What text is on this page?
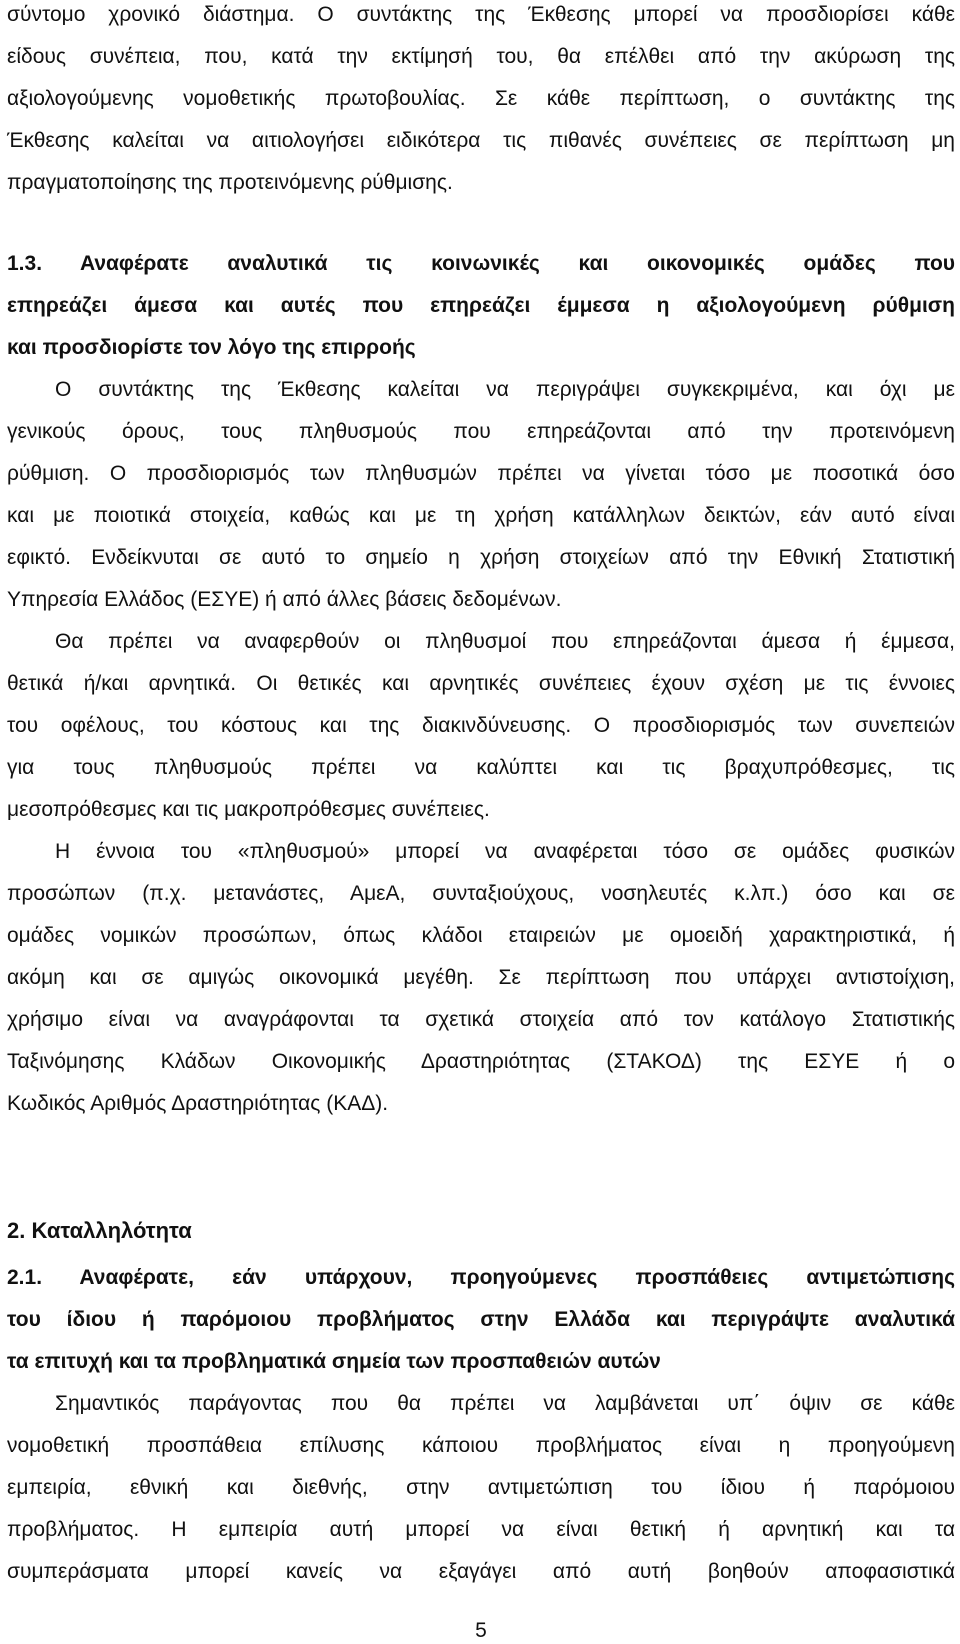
σύντομο χρονικό διάστημα. Ο συντάκτης της Έκθεσης μπορεί να προσδιορίσει κάθε
είδους συνέπεια, που, κατά την εκτίμησή του, θα επέλθει από την ακύρωση της
αξιολογούμενης νομοθετικής πρωτοβουλίας. Σε κάθε περίπτωση, ο συντάκτης της
Έκθεσης καλείται να αιτιολογήσει ειδικότερα τις πιθανές συνέπειες σε περίπτωση μη
πραγματοποίησης της προτεινόμενης ρύθμισης.
1.3. Αναφέρατε αναλυτικά τις κοινωνικές και οικονομικές ομάδες που
επηρεάζει άμεσα και αυτές που επηρεάζει έμμεσα η αξιολογούμενη ρύθμιση
και προσδιορίστε τον λόγο της επιρροής
Ο συντάκτης της Έκθεσης καλείται να περιγράψει συγκεκριμένα, και όχι με
γενικούς όρους, τους πληθυσμούς που επηρεάζονται από την προτεινόμενη
ρύθμιση. Ο προσδιορισμός των πληθυσμών πρέπει να γίνεται τόσο με ποσοτικά όσο
και με ποιοτικά στοιχεία, καθώς και με τη χρήση κατάλληλων δεικτών, εάν αυτό είναι
εφικτό. Ενδείκνυται σε αυτό το σημείο η χρήση στοιχείων από την Εθνική Στατιστική
Υπηρεσία Ελλάδος (ΕΣΥΕ) ή από άλλες βάσεις δεδομένων.
Θα πρέπει να αναφερθούν οι πληθυσμοί που επηρεάζονται άμεσα ή έμμεσα,
θετικά ή/και αρνητικά. Οι θετικές και αρνητικές συνέπειες έχουν σχέση με τις έννοιες
του οφέλους, του κόστους και της διακινδύνευσης. Ο προσδιορισμός των συνεπειών
για τους πληθυσμούς πρέπει να καλύπτει και τις βραχυπρόθεσμες, τις
μεσοπρόθεσμες και τις μακροπρόθεσμες συνέπειες.
Η έννοια του «πληθυσμού» μπορεί να αναφέρεται τόσο σε ομάδες φυσικών
προσώπων (π.χ. μετανάστες, ΑμεΑ, συνταξιούχους, νοσηλευτές κ.λπ.) όσο και σε
ομάδες νομικών προσώπων, όπως κλάδοι εταιρειών με ομοειδή χαρακτηριστικά, ή
ακόμη και σε αμιγώς οικονομικά μεγέθη. Σε περίπτωση που υπάρχει αντιστοίχιση,
χρήσιμο είναι να αναγράφονται τα σχετικά στοιχεία από τον κατάλογο Στατιστικής
Ταξινόμησης Κλάδων Οικονομικής Δραστηριότητας (ΣΤΑΚΟΔ) της ΕΣΥΕ ή ο
Κωδικός Αριθμός Δραστηριότητας (ΚΑΔ).
2. Καταλληλότητα
2.1. Αναφέρατε, εάν υπάρχουν, προηγούμενες προσπάθειες αντιμετώπισης
του ίδιου ή παρόμοιου προβλήματος στην Ελλάδα και περιγράψτε αναλυτικά
τα επιτυχή και τα προβληματικά σημεία των προσπαθειών αυτών
Σημαντικός παράγοντας που θα πρέπει να λαμβάνεται υπ΄ όψιν σε κάθε
νομοθετική προσπάθεια επίλυσης κάποιου προβλήματος είναι η προηγούμενη
εμπειρία, εθνική και διεθνής, στην αντιμετώπιση του ίδιου ή παρόμοιου
προβλήματος. Η εμπειρία αυτή μπορεί να είναι θετική ή αρνητική και τα
συμπεράσματα μπορεί κανείς να εξαγάγει από αυτή βοηθούν αποφασιστικά
5
